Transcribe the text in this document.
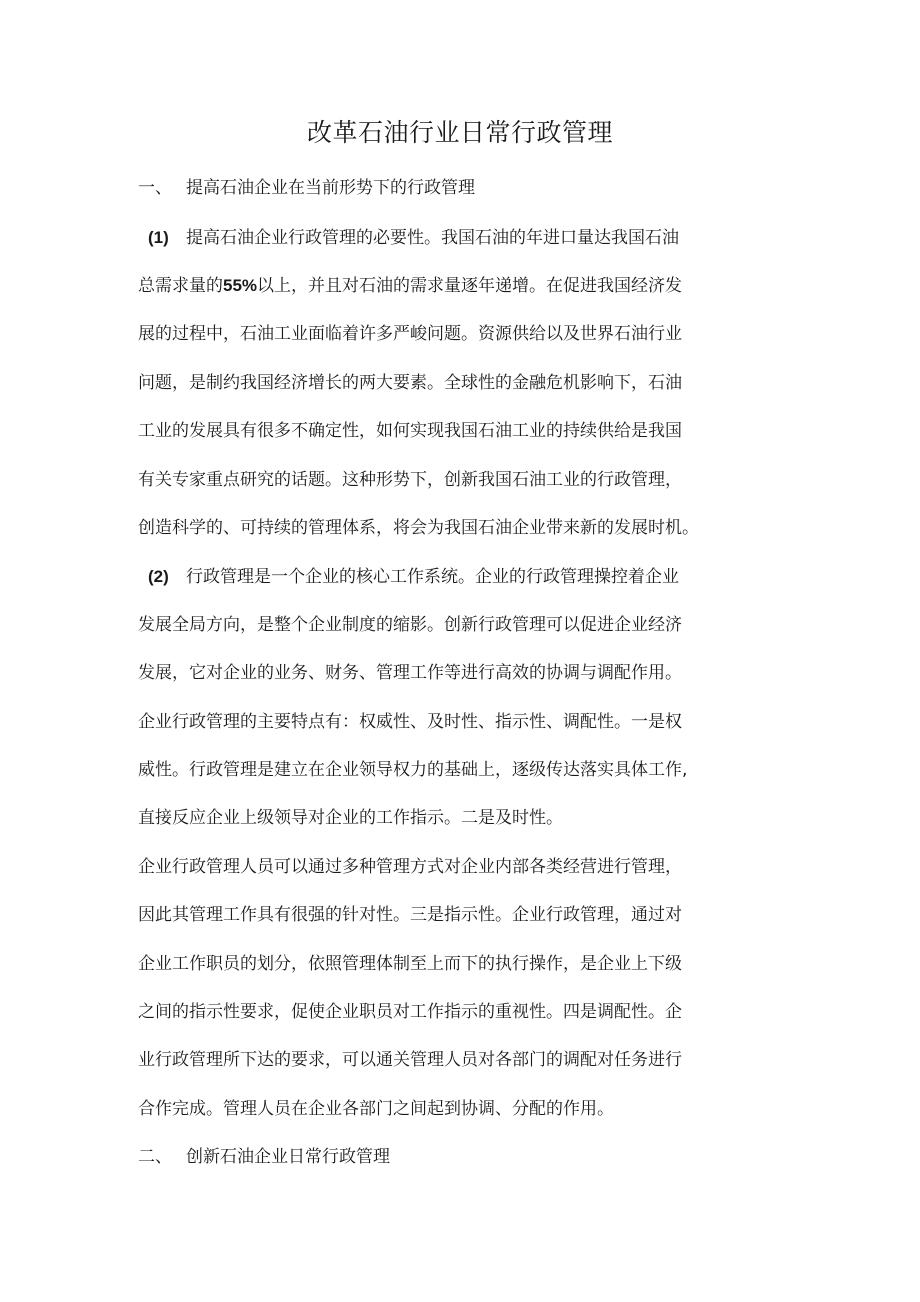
改革石油行业日常行政管理
一、 提高石油企业在当前形势下的行政管理
(1) 提高石油企业行政管理的必要性。我国石油的年进口量达我国石油
总需求量的55%以上，并且对石油的需求量逐年递增。在促进我国经济发
展的过程中，石油工业面临着许多严峻问题。资源供给以及世界石油行业
问题，是制约我国经济增长的两大要素。全球性的金融危机影响下，石油
工业的发展具有很多不确定性，如何实现我国石油工业的持续供给是我国
有关专家重点研究的话题。这种形势下，创新我国石油工业的行政管理，
创造科学的、可持续的管理体系，将会为我国石油企业带来新的发展时机。
(2) 行政管理是一个企业的核心工作系统。企业的行政管理操控着企业
发展全局方向，是整个企业制度的缩影。创新行政管理可以促进企业经济
发展，它对企业的业务、财务、管理工作等进行高效的协调与调配作用。
企业行政管理的主要特点有：权威性、及时性、指示性、调配性。一是权
威性。行政管理是建立在企业领导权力的基础上，逐级传达落实具体工作,
直接反应企业上级领导对企业的工作指示。二是及时性。
企业行政管理人员可以通过多种管理方式对企业内部各类经营进行管理，
因此其管理工作具有很强的针对性。三是指示性。企业行政管理，通过对
企业工作职员的划分，依照管理体制至上而下的执行操作，是企业上下级
之间的指示性要求，促使企业职员对工作指示的重视性。四是调配性。企
业行政管理所下达的要求，可以通关管理人员对各部门的调配对任务进行
合作完成。管理人员在企业各部门之间起到协调、分配的作用。
二、 创新石油企业日常行政管理
